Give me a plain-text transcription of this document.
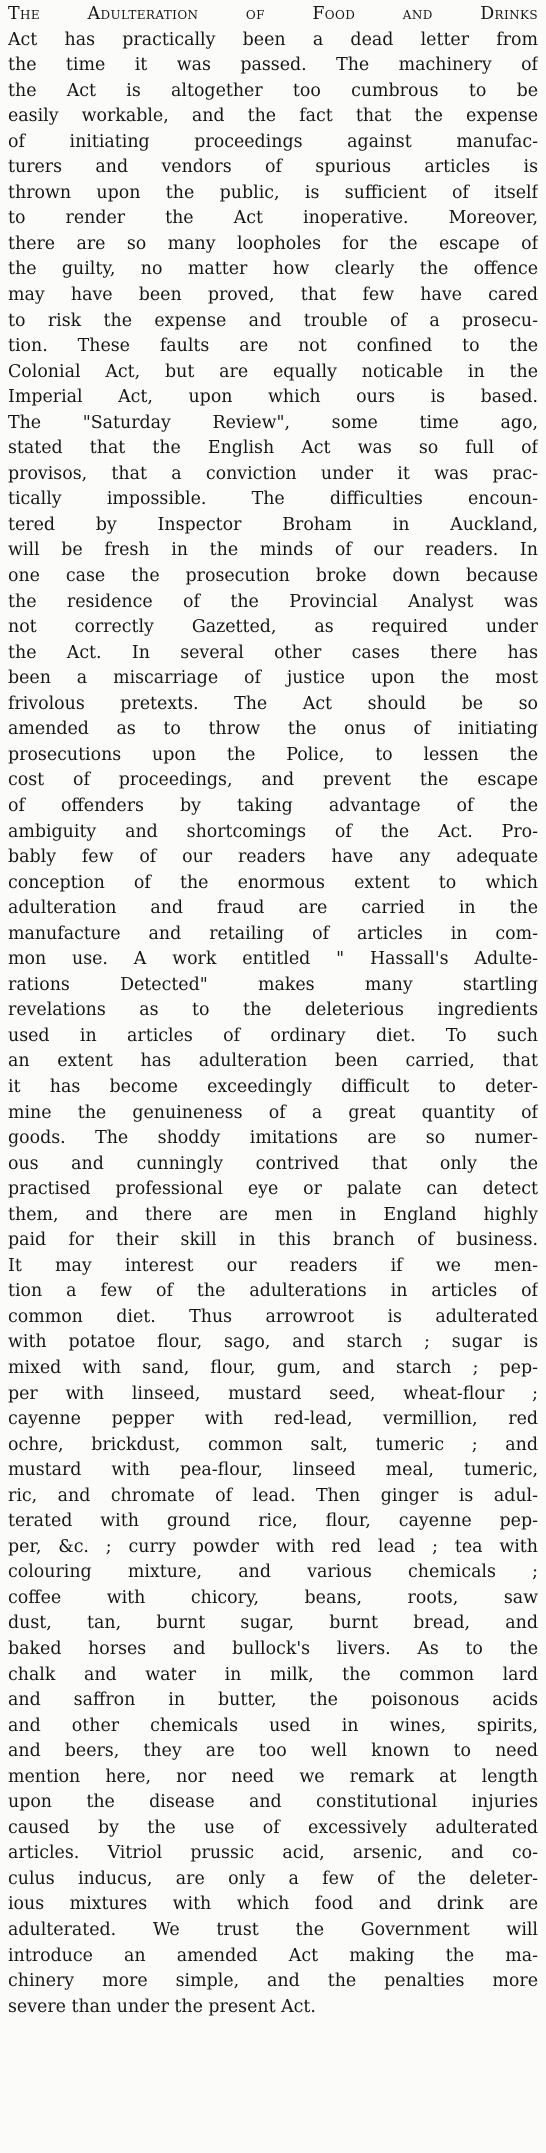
The Adulteration of Food and Drinks
Act has practically been a dead letter from
the time it was passed. The machinery of
the Act is altogether too cumbrous to be
easily workable, and the fact that the expense
of initiating proceedings against manufac-
turers and vendors of spurious articles is
thrown upon the public, is sufficient of itself
to render the Act inoperative. Moreover,
there are so many loopholes for the escape of
the guilty, no matter how clearly the offence
may have been proved, that few have cared
to risk the expense and trouble of a prosecu-
tion. These faults are not confined to the
Colonial Act, but are equally noticable in the
Imperial Act, upon which ours is based.
The "Saturday Review", some time ago,
stated that the English Act was so full of
provisos, that a conviction under it was prac-
tically impossible. The difficulties encoun-
tered by Inspector Broham in Auckland,
will be fresh in the minds of our readers. In
one case the prosecution broke down because
the residence of the Provincial Analyst was
not correctly Gazetted, as required under
the Act. In several other cases there has
been a miscarriage of justice upon the most
frivolous pretexts. The Act should be so
amended as to throw the onus of initiating
prosecutions upon the Police, to lessen the
cost of proceedings, and prevent the escape
of offenders by taking advantage of the
ambiguity and shortcomings of the Act. Pro-
bably few of our readers have any adequate
conception of the enormous extent to which
adulteration and fraud are carried in the
manufacture and retailing of articles in com-
mon use. A work entitled " Hassall's Adulte-
rations Detected" makes many startling
revelations as to the deleterious ingredients
used in articles of ordinary diet. To such
an extent has adulteration been carried, that
it has become exceedingly difficult to deter-
mine the genuineness of a great quantity of
goods. The shoddy imitations are so numer-
ous and cunningly contrived that only the
practised professional eye or palate can detect
them, and there are men in England highly
paid for their skill in this branch of business.
It may interest our readers if we men-
tion a few of the adulterations in articles of
common diet. Thus arrowroot is adulterated
with potatoe flour, sago, and starch ; sugar is
mixed with sand, flour, gum, and starch ; pep-
per with linseed, mustard seed, wheat-flour ;
cayenne pepper with red-lead, vermillion, red
ochre, brickdust, common salt, tumeric ; and
mustard with pea-flour, linseed meal, tumeric,
ric, and chromate of lead. Then ginger is adul-
terated with ground rice, flour, cayenne pep-
per, &c. ; curry powder with red lead ; tea with
colouring mixture, and various chemicals ;
coffee with chicory, beans, roots, saw
dust, tan, burnt sugar, burnt bread, and
baked horses and bullock's livers. As to the
chalk and water in milk, the common lard
and saffron in butter, the poisonous acids
and other chemicals used in wines, spirits,
and beers, they are too well known to need
mention here, nor need we remark at length
upon the disease and constitutional injuries
caused by the use of excessively adulterated
articles. Vitriol prussic acid, arsenic, and co-
culus inducus, are only a few of the deleter-
ious mixtures with which food and drink are
adulterated. We trust the Government will
introduce an amended Act making the ma-
chinery more simple, and the penalties more
severe than under the present Act.
